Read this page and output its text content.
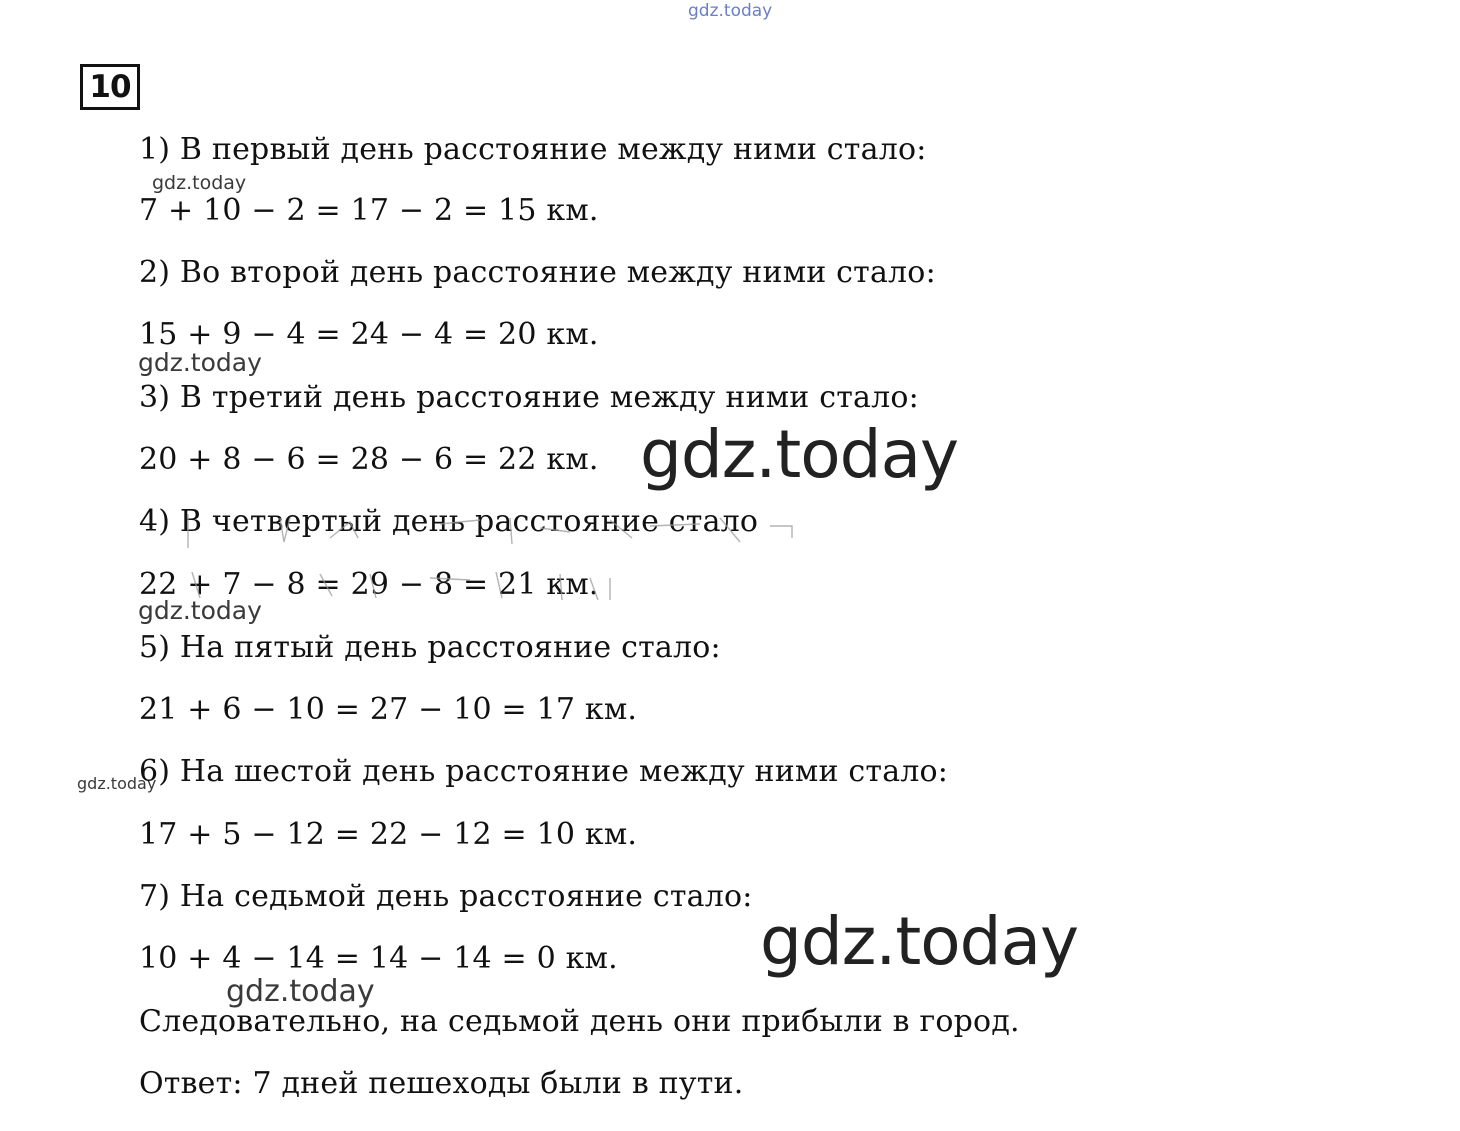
gdz.today
gdz.today
gdz.today
gdz.today
gdz.today
gdz.today
gdz.today
gdz.today
10
1) В первый день расстояние между ними стало:
7 + 10 − 2 = 17 − 2 = 15 км.
2) Во второй день расстояние между ними стало:
15 + 9 − 4 = 24 − 4 = 20 км.
3) В третий день расстояние между ними стало:
20 + 8 − 6 = 28 − 6 = 22 км.
4) В четвертый день расстояние стало
22 + 7 − 8 = 29 − 8 = 21 км.
5) На пятый день расстояние стало:
21 + 6 − 10 = 27 − 10 = 17 км.
6) На шестой день расстояние между ними стало:
17 + 5 − 12 = 22 − 12 = 10 км.
7) На седьмой день расстояние стало:
10 + 4 − 14 = 14 − 14 = 0 км.
Следовательно, на седьмой день они прибыли в город.
Ответ: 7 дней пешеходы были в пути.
